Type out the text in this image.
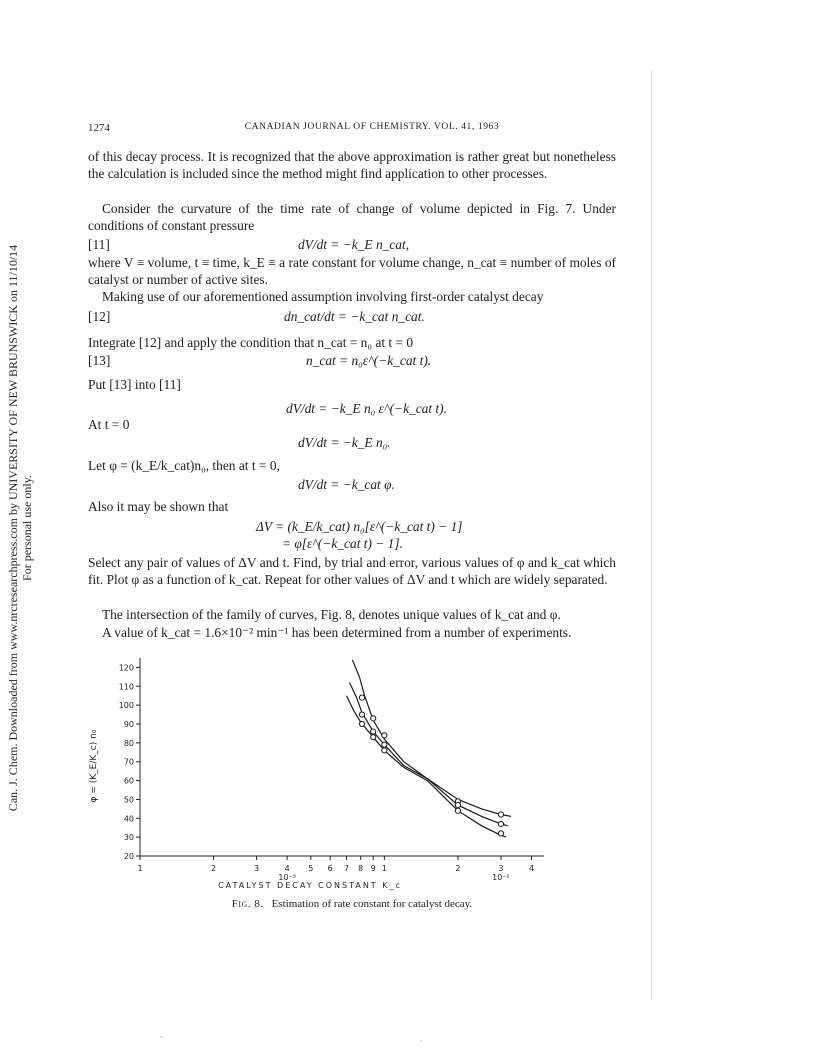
Can. J. Chem. Downloaded from www.nrcresearchpress.com by UNIVERSITY OF NEW BRUNSWICK on 11/10/14 For personal use only.
1274	CANADIAN JOURNAL OF CHEMISTRY. VOL. 41, 1963
of this decay process. It is recognized that the above approximation is rather great but nonetheless the calculation is included since the method might find application to other processes.
Consider the curvature of the time rate of change of volume depicted in Fig. 7. Under conditions of constant pressure
[11]	dV/dt = −k_E n_cat,
where V ≡ volume, t ≡ time, k_E ≡ a rate constant for volume change, n_cat ≡ number of moles of catalyst or number of active sites.
Making use of our aforementioned assumption involving first-order catalyst decay
[12]	dn_cat/dt = −k_cat n_cat.
Integrate [12] and apply the condition that n_cat = n₀ at t = 0
[13]	n_cat = n₀ε^(−k_cat t).
Put [13] into [11]
dV/dt = −k_E n₀ ε^(−k_cat t).
At t = 0
dV/dt = −k_E n₀.
Let φ = (k_E/k_cat)n₀, then at t = 0,
dV/dt = −k_cat φ.
Also it may be shown that
ΔV = (k_E/k_cat) n₀[ε^(−k_cat t) − 1]
= φ[ε^(−k_cat t) − 1].
Select any pair of values of ΔV and t. Find, by trial and error, various values of φ and k_cat which fit. Plot φ as a function of k_cat. Repeat for other values of ΔV and t which are widely separated.
The intersection of the family of curves, Fig. 8, denotes unique values of k_cat and φ.
A value of k_cat = 1.6×10⁻² min⁻¹ has been determined from a number of experiments.
20
30
40
50
60
70
80
90
100
110
120
1	2	3	4 5 6 7 8 9 1	2	3	4
10⁻³	10⁻²
CATALYST DECAY CONSTANT K_c
φ = (K_E/K_c) n₀
Fig. 8. Estimation of rate constant for catalyst decay.
